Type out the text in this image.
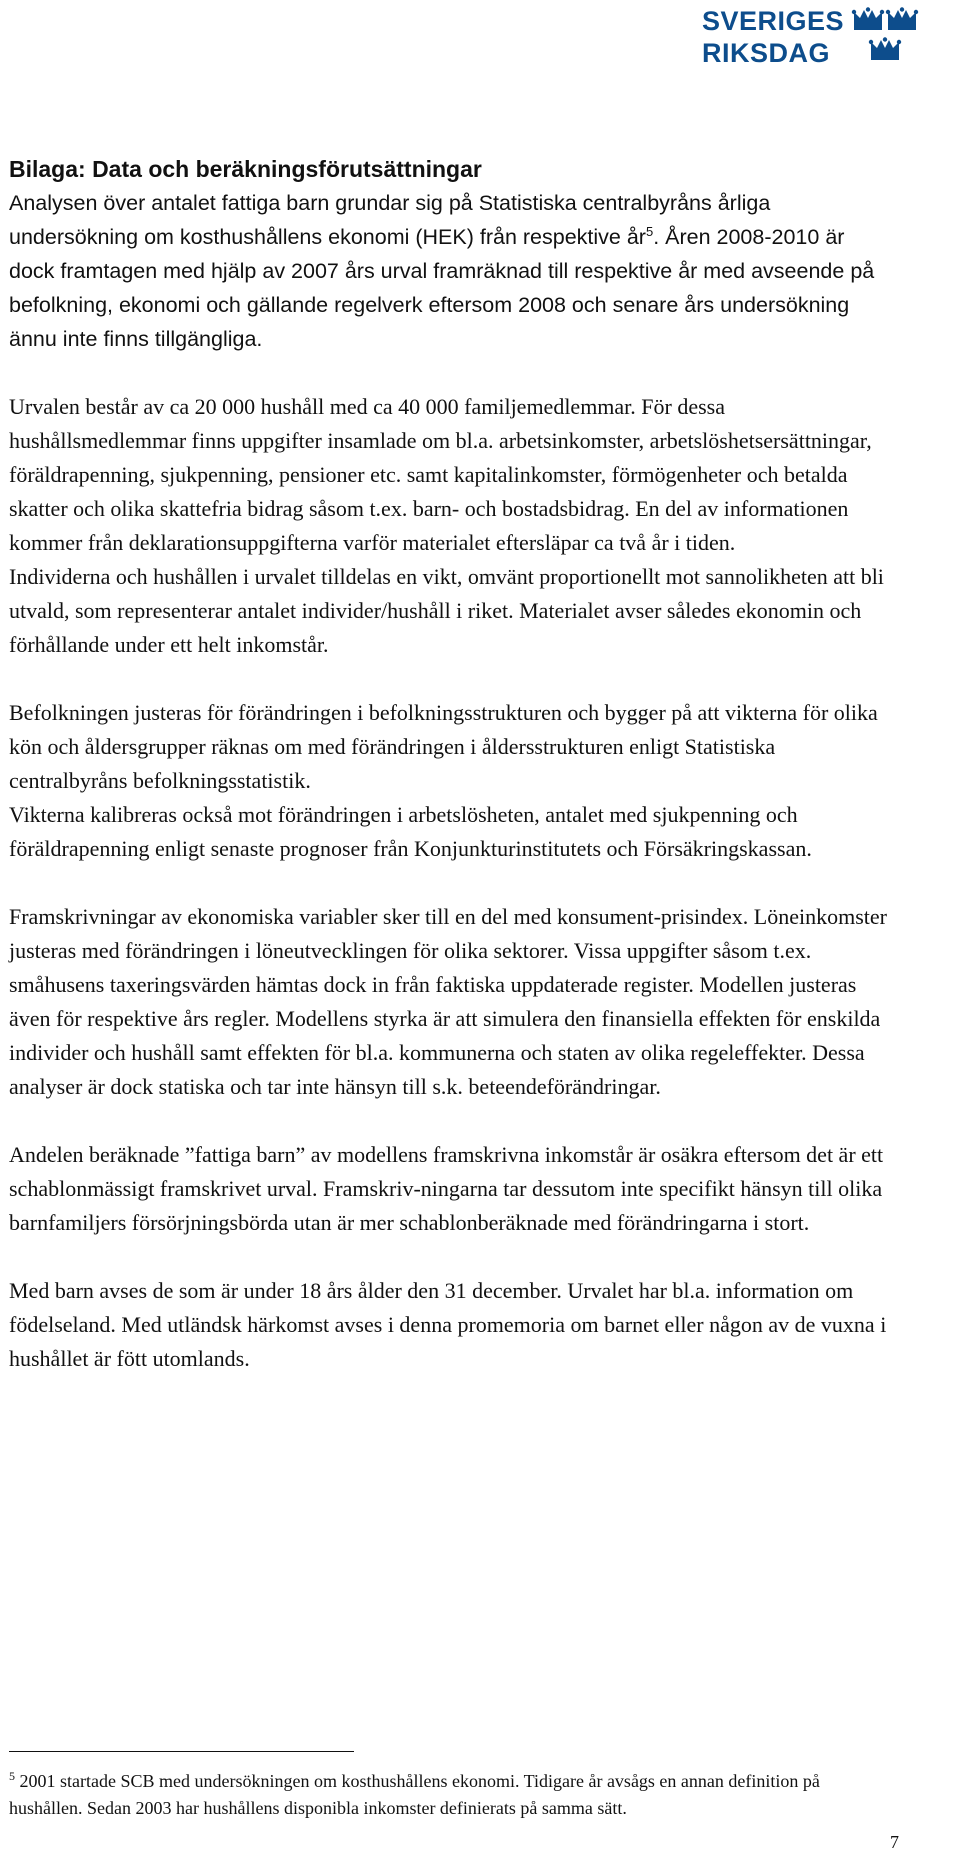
SVERIGES
RIKSDAG
Bilaga: Data och beräkningsförutsättningar

Analysen över antalet fattiga barn grundar sig på Statistiska centralbyråns årliga undersökning om kosthushållens ekonomi (HEK) från respektive $år^5$. Åren 2008-2010 är dock framtagen med hjälp av 2007 års urval framräknad till respektive år med avseende på befolkning, ekonomi och gällande regelverk eftersom 2008 och senare års undersökning ännu inte finns tillgängliga.

Urvalen består av ca 20 000 hushåll med ca 40 000 familjemedlemmar. För dessa hushållsmedlemmar finns uppgifter insamlade om bl.a. arbetsinkomster, arbetslöshetsersättningar, föräldrapenning, sjukpenning, pensioner etc. samt kapitalinkomster, förmögenheter och betalda skatter och olika skattefria bidrag såsom t.ex. barn- och bostadsbidrag. En del av informationen kommer från deklarationsuppgifterna varför materialet eftersläpar ca två år i tiden.

Individerna och hushållen i urvalet tilldelas en vikt, omvänt proportionellt mot sannolikheten att bli utvald, som representerar antalet individer/hushåll i riket. Materialet avser således ekonomin och förhållande under ett helt inkomstår.

Befolkningen justeras för förändringen i befolkningsstrukturen och bygger på att vikterna för olika kön och åldersgrupper räknas om med förändringen i åldersstrukturen enligt Statistiska centralbyråns befolkningsstatistik.

Vikterna kalibreras också mot förändringen i arbetslösheten, antalet med sjukpenning och föräldrapenning enligt senaste prognoser från Konjunkturinstitutets och Försäkringskassan.

Framskrivningar av ekonomiska variabler sker till en del med konsument-prisindex. Löneinkomster justeras med förändringen i löneutvecklingen för olika sektorer. Vissa uppgifter såsom t.ex. småhusens taxeringsvärden hämtas dock in från faktiska uppdaterade register. Modellen justeras även för respektive års regler. Modellens styrka är att simulera den finansiella effekten för enskilda individer och hushåll samt effekten för bl.a. kommunerna och staten av olika regeleffekter. Dessa analyser är dock statiska och tar inte hänsyn till s.k. beteendeförändringar.

Andelen beräknade ”fattiga barn” av modellens framskrivna inkomstår är osäkra eftersom det är ett schablonmässigt framskrivet urval. Framskriv-ningarna tar dessutom inte specifikt hänsyn till olika barnfamiljers försörjningsbörda utan är mer schablonberäknade med förändringarna i stort.

Med barn avses de som är under 18 års ålder den 31 december. Urvalet har bl.a. information om födelseland. Med utländsk härkomst avses i denna promemoria om barnet eller någon av de vuxna i hushållet är fött utomlands.

$^5$ 2001 startade SCB med undersökningen om kosthushållens ekonomi. Tidigare år avsågs en annan definition på hushållen. Sedan 2003 har hushållens disponibla inkomster definierats på samma sätt.
7
